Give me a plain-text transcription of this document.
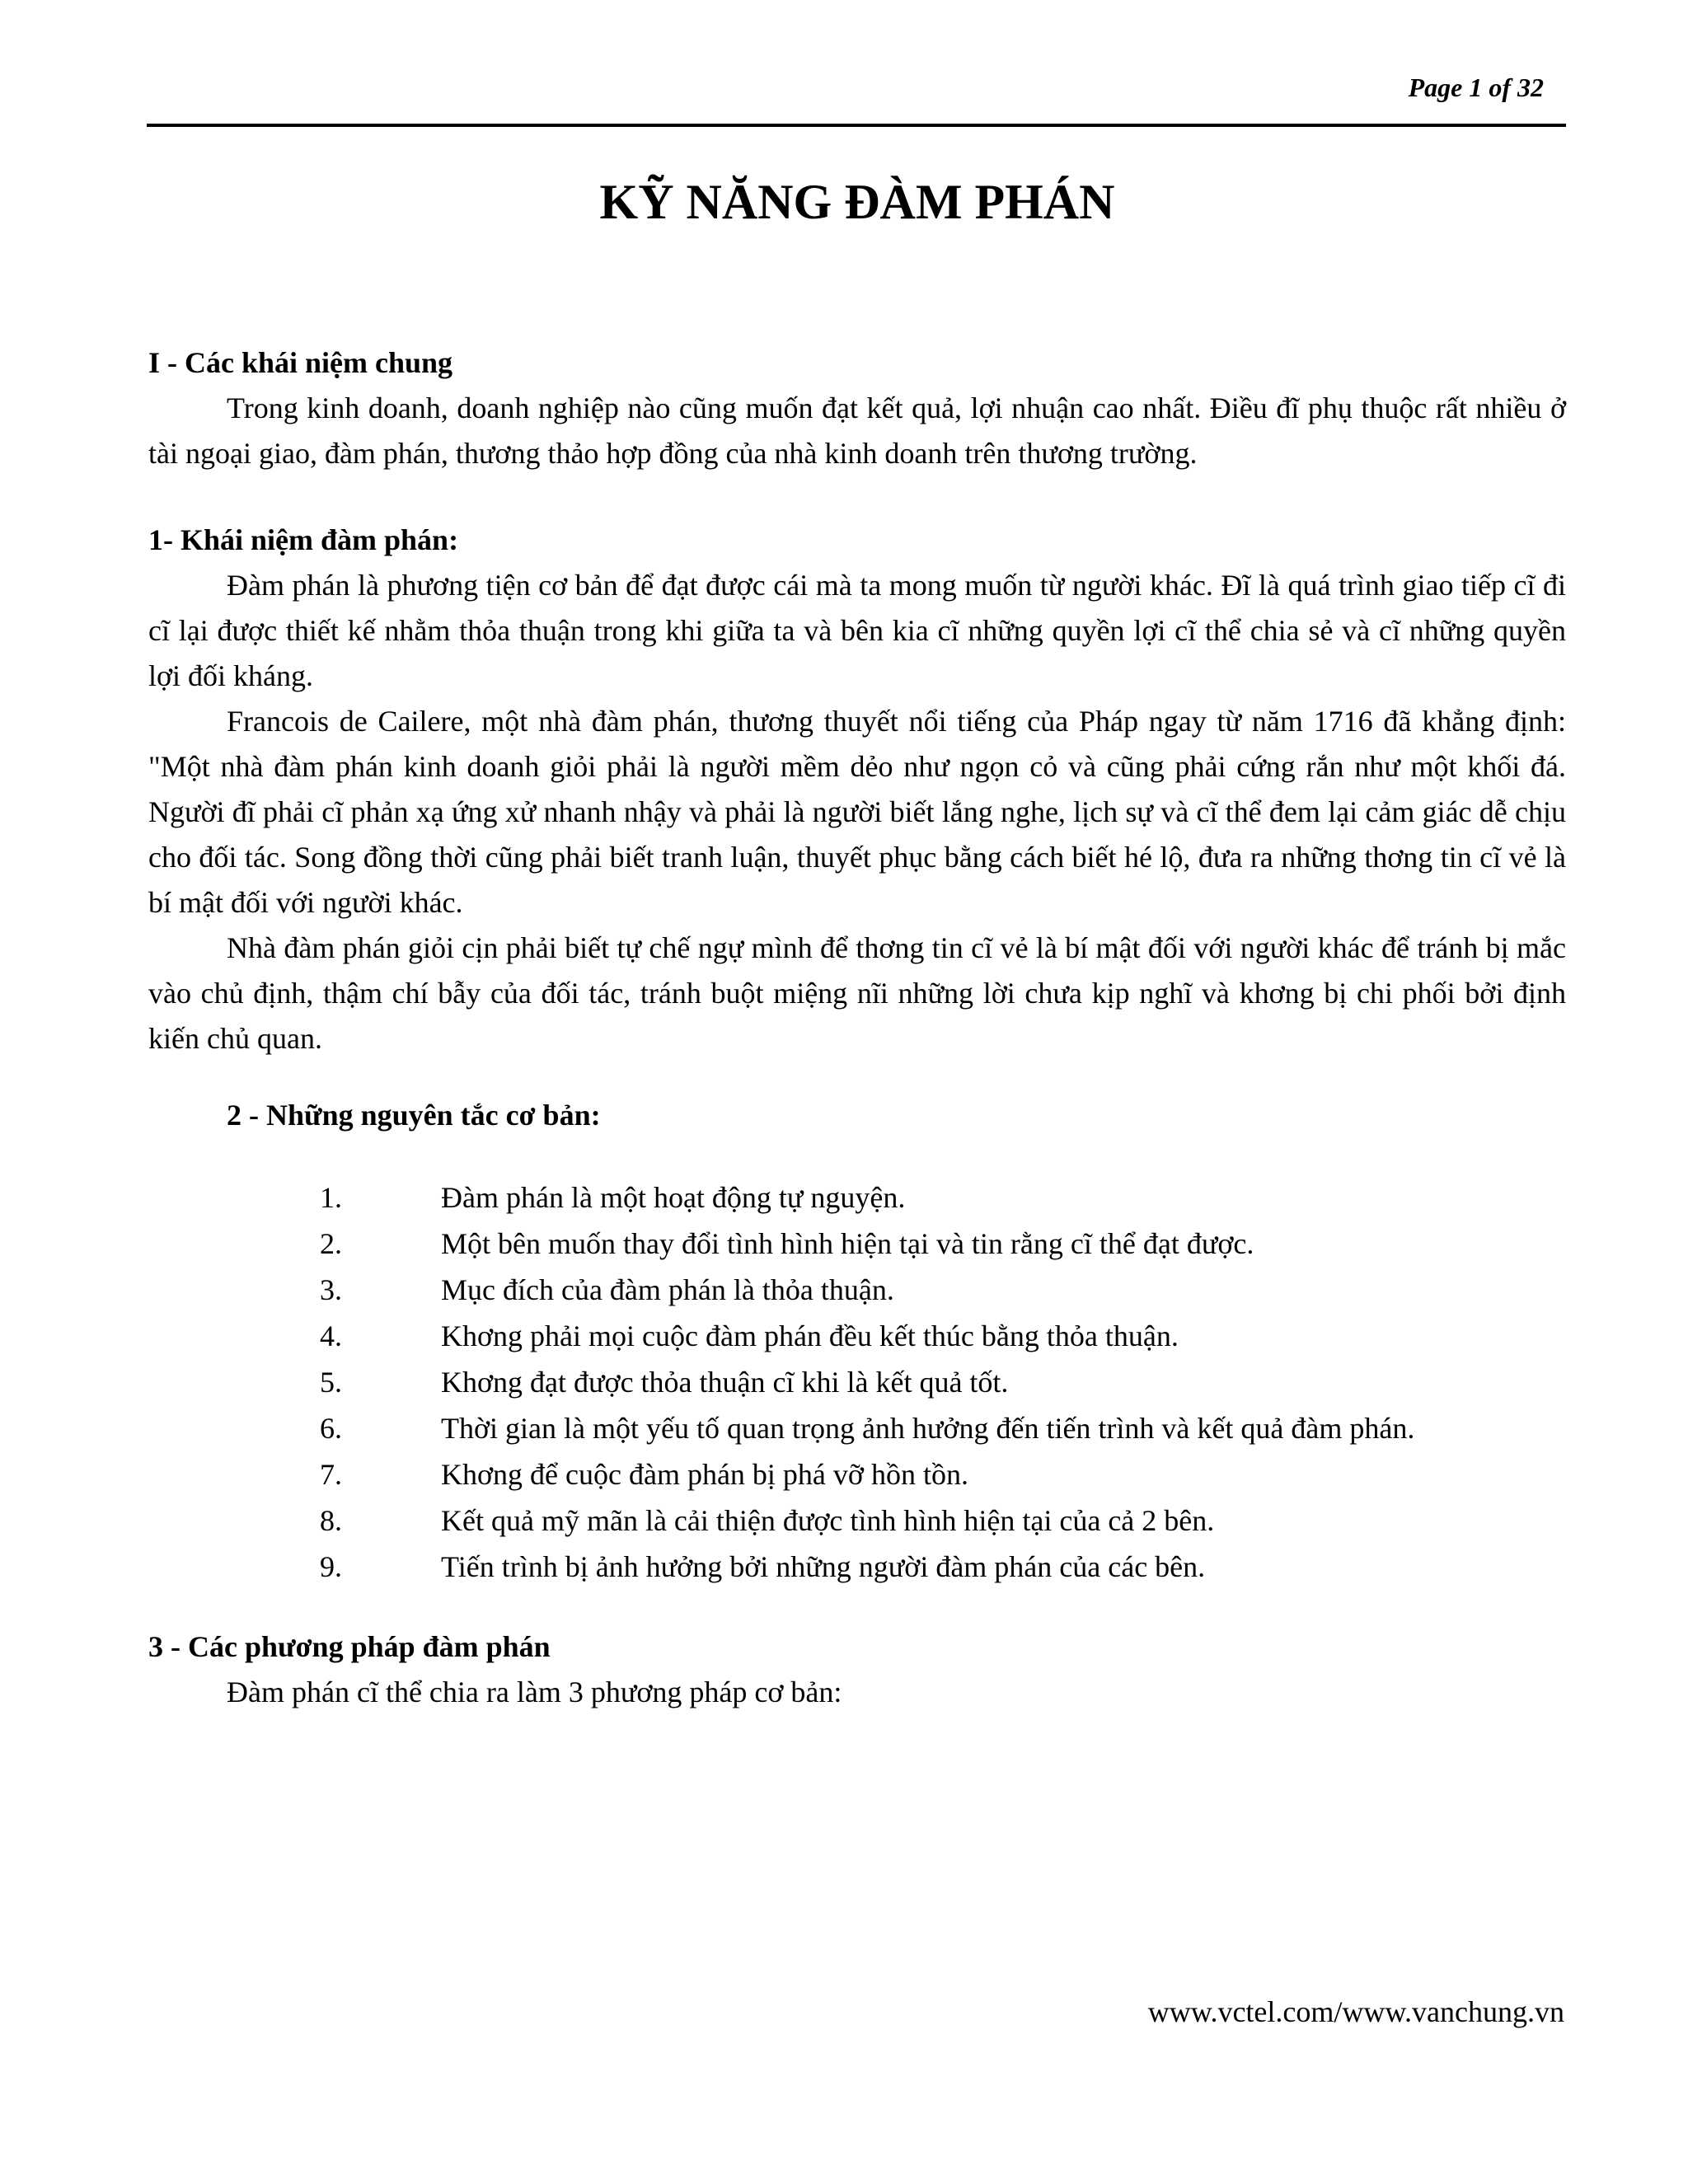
Page 1 of 32
KỸ NĂNG ĐÀM PHÁN
I - Các khái niệm chung

Trong kinh doanh, doanh nghiệp nào cũng muốn đạt kết quả, lợi nhuận cao nhất. Điều đĩ phụ thuộc rất nhiều ở tài ngoại giao, đàm phán, thương thảo hợp đồng của nhà kinh doanh trên thương trường.

1- Khái niệm đàm phán:

Đàm phán là phương tiện cơ bản để đạt được cái mà ta mong muốn từ người khác. Đĩ là quá trình giao tiếp cĩ đi cĩ lại được thiết kế nhằm thỏa thuận trong khi giữa ta và bên kia cĩ những quyền lợi cĩ thể chia sẻ và cĩ những quyền lợi đối kháng.

Francois de Cailere, một nhà đàm phán, thương thuyết nổi tiếng của Pháp ngay từ năm 1716 đã khẳng định: "Một nhà đàm phán kinh doanh giỏi phải là người mềm dẻo như ngọn cỏ và cũng phải cứng rắn như một khối đá. Người đĩ phải cĩ phản xạ ứng xử nhanh nhậy và phải là người biết lắng nghe, lịch sự và cĩ thể đem lại cảm giác dễ chịu cho đối tác. Song đồng thời cũng phải biết tranh luận, thuyết phục bằng cách biết hé lộ, đưa ra những thơng tin cĩ vẻ là bí mật đối với người khác.

Nhà đàm phán giỏi cịn phải biết tự chế ngự mình để thơng tin cĩ vẻ là bí mật đối với người khác để tránh bị mắc vào chủ định, thậm chí bẫy của đối tác, tránh buột miệng nĩi những lời chưa kịp nghĩ và khơng bị chi phối bởi định kiến chủ quan.

2 - Những nguyên tắc cơ bản:
1.	Đàm phán là một hoạt động tự nguyện.
2.	Một bên muốn thay đổi tình hình hiện tại và tin rằng cĩ thể đạt được.
3.	Mục đích của đàm phán là thỏa thuận.
4.	Khơng phải mọi cuộc đàm phán đều kết thúc bằng thỏa thuận.
5.	Khơng đạt được thỏa thuận cĩ khi là kết quả tốt.
6.	Thời gian là một yếu tố quan trọng ảnh hưởng đến tiến trình và kết quả đàm phán.
7.	Khơng để cuộc đàm phán bị phá vỡ hồn tồn.
8.	Kết quả mỹ mãn là cải thiện được tình hình hiện tại của cả 2 bên.
9.	Tiến trình bị ảnh hưởng bởi những người đàm phán của các bên.
3 - Các phương pháp đàm phán

Đàm phán cĩ thể chia ra làm 3 phương pháp cơ bản:

www.vctel.com/www.vanchung.vn
